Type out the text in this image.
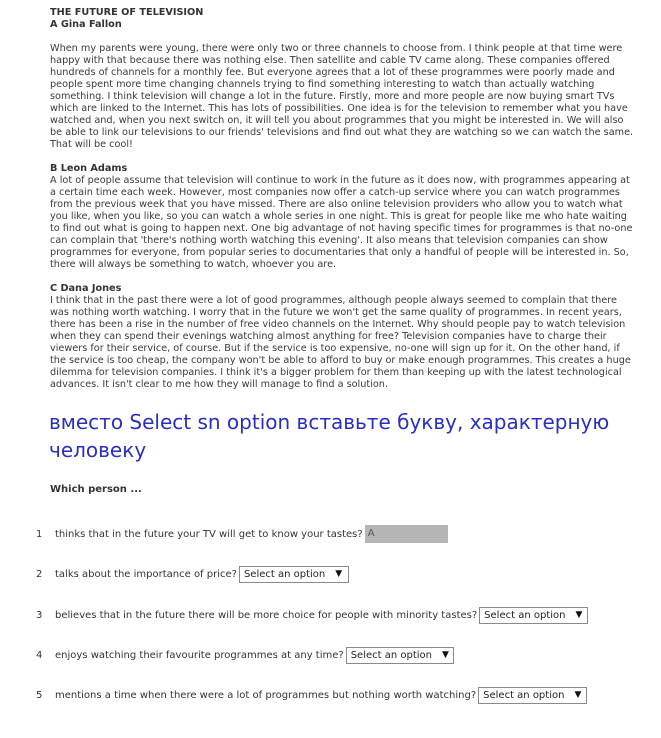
THE FUTURE OF TELEVISION
A Gina Fallon

When my parents were young, there were only two or three channels to choose from. I think people at that time were happy with that because there was nothing else. Then satellite and cable TV came along. These companies offered hundreds of channels for a monthly fee. But everyone agrees that a lot of these programmes were poorly made and people spent more time changing channels trying to find something interesting to watch than actually watching something. I think television will change a lot in the future. Firstly, more and more people are now buying smart TVs which are linked to the Internet. This has lots of possibilities. One idea is for the television to remember what you have watched and, when you next switch on, it will tell you about programmes that you might be interested in. We will also be able to link our televisions to our friends' televisions and find out what they are watching so we can watch the same. That will be cool!

B Leon Adams

A lot of people assume that television will continue to work in the future as it does now, with programmes appearing at a certain time each week. However, most companies now offer a catch-up service where you can watch programmes from the previous week that you have missed. There are also online television providers who allow you to watch what you like, when you like, so you can watch a whole series in one night. This is great for people like me who hate waiting to find out what is going to happen next. One big advantage of not having specific times for programmes is that no-one can complain that 'there's nothing worth watching this evening'. It also means that television companies can show programmes for everyone, from popular series to documentaries that only a handful of people will be interested in. So, there will always be something to watch, whoever you are.

C Dana Jones

I think that in the past there were a lot of good programmes, although people always seemed to complain that there was nothing worth watching. I worry that in the future we won't get the same quality of programmes. In recent years, there has been a rise in the number of free video channels on the Internet. Why should people pay to watch television when they can spend their evenings watching almost anything for free? Television companies have to charge their viewers for their service, of course. But if the service is too expensive, no-one will sign up for it. On the other hand, if the service is too cheap, the company won't be able to afford to buy or make enough programmes. This creates a huge dilemma for television companies. I think it's a bigger problem for them than keeping up with the latest technological advances. It isn't clear to me how they will manage to find a solution.

вместо Select sn option вставьте букву, характерную человеку
Which person ...
1	thinks that in the future your TV will get to know your tastes? A
2	talks about the importance of price? Select an option ▼
3	believes that in the future there will be more choice for people with minority tastes? Select an option ▼
4	enjoys watching their favourite programmes at any time? Select an option ▼
5	mentions a time when there were a lot of programmes but nothing worth watching? Select an option ▼
